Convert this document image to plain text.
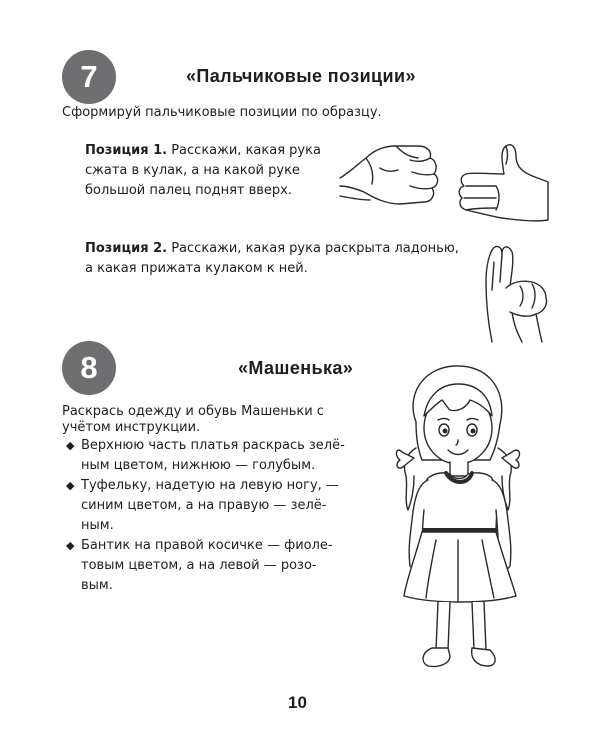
7	«Пальчиковые позиции»
Сформируй пальчиковые позиции по образцу.
Позиция 1. Расскажи, какая рука
сжата в кулак, а на какой руке
большой палец поднят вверх.
Позиция 2. Расскажи, какая рука раскрыта ладонью,
а какая прижата кулаком к ней.
8	«Машенька»
Раскрась одежду и обувь Машеньки с
учётом инструкции.
◆ Верхнюю часть платья раскрась зелё-
ным цветом, нижнюю — голубым.
◆ Туфельку, надетую на левую ногу, —
синим цветом, а на правую — зелё-
ным.
◆ Бантик на правой косичке — фиоле-
товым цветом, а на левой — розо-
вым.
10
